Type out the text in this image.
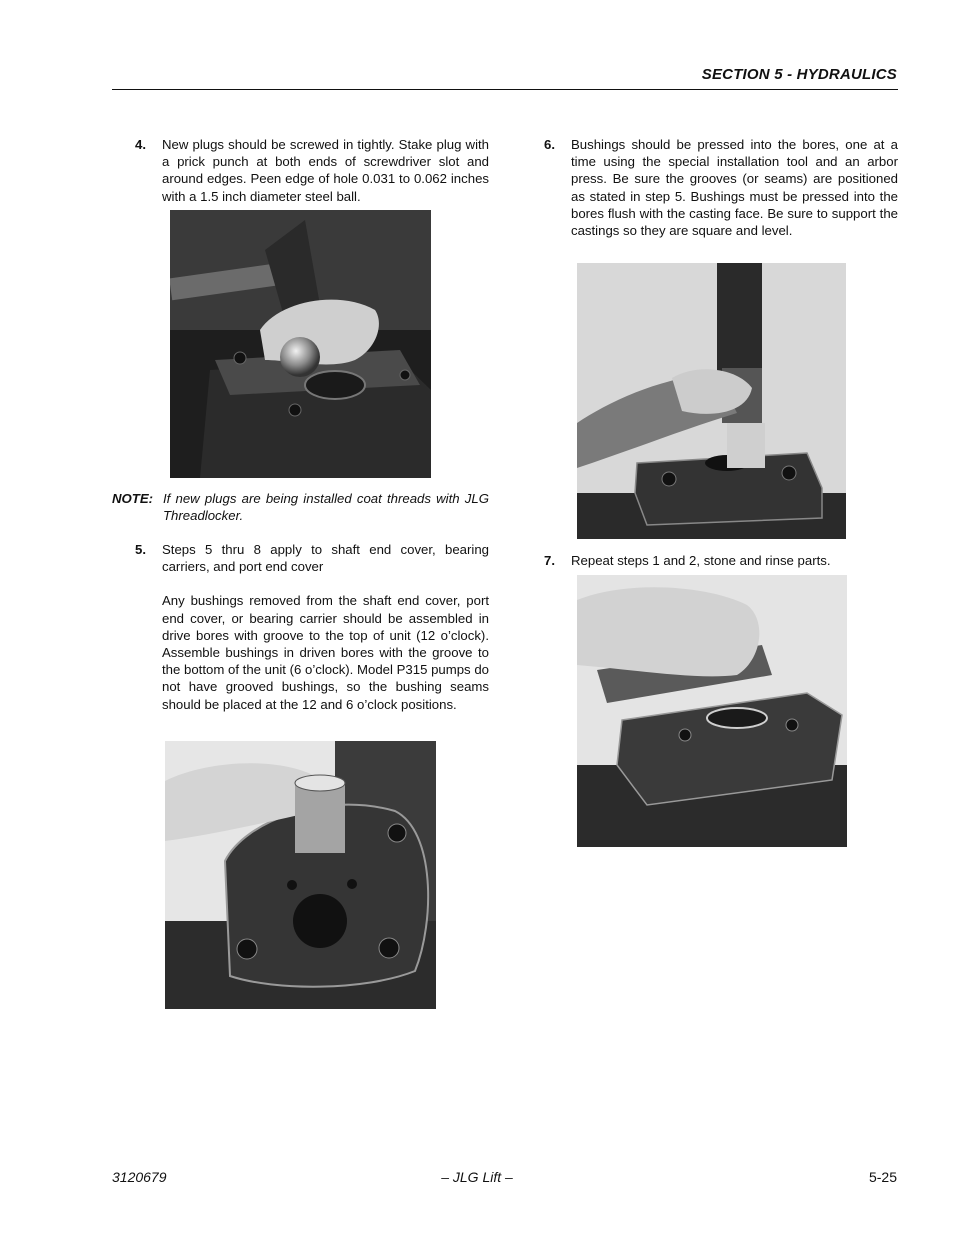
SECTION 5 - HYDRAULICS
4. New plugs should be screwed in tightly. Stake plug with a prick punch at both ends of screwdriver slot and around edges. Peen edge of hole 0.031 to 0.062 inches with a 1.5 inch diameter steel ball.
NOTE: If new plugs are being installed coat threads with JLG Threadlocker.
5. Steps 5 thru 8 apply to shaft end cover, bearing carriers, and port end cover
Any bushings removed from the shaft end cover, port end cover, or bearing carrier should be assembled in drive bores with groove to the top of unit (12 o’clock). Assemble bushings in driven bores with the groove to the bottom of the unit (6 o’clock). Model P315 pumps do not have grooved bushings, so the bushing seams should be placed at the 12 and 6 o’clock positions.
6. Bushings should be pressed into the bores, one at a time using the special installation tool and an arbor press. Be sure the grooves (or seams) are positioned as stated in step 5. Bushings must be pressed into the bores flush with the casting face. Be sure to support the castings so they are square and level.
7. Repeat steps 1 and 2, stone and rinse parts.
3120679	– JLG Lift –	5-25
